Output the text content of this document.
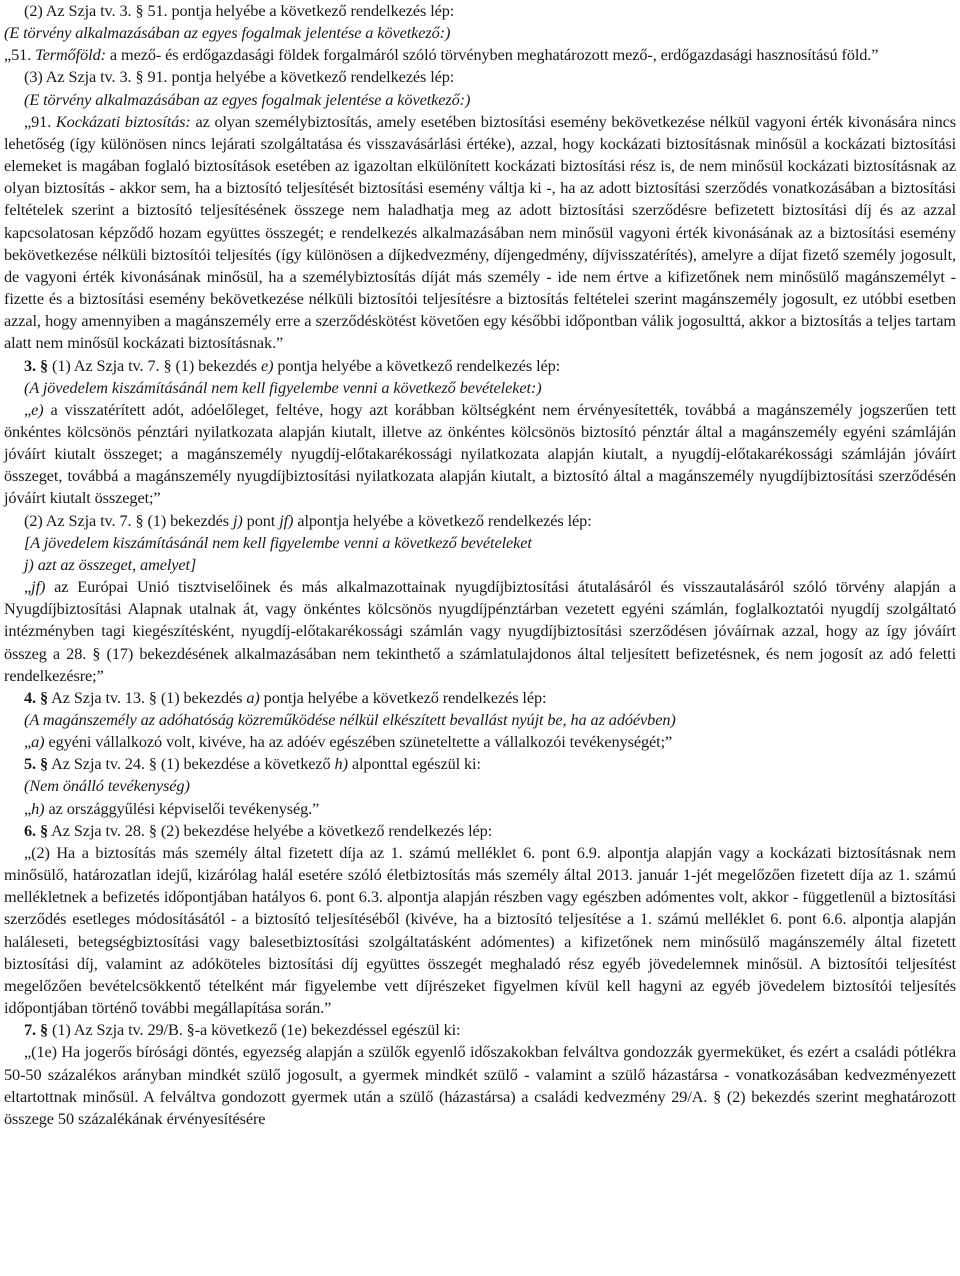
(2) Az Szja tv. 3. § 51. pontja helyébe a következő rendelkezés lép:

(E törvény alkalmazásában az egyes fogalmak jelentése a következő:)

„51. Termőföld: a mező- és erdőgazdasági földek forgalmáról szóló törvényben meghatározott mező-, erdőgazdasági hasznosítású föld.”

(3) Az Szja tv. 3. § 91. pontja helyébe a következő rendelkezés lép:

(E törvény alkalmazásában az egyes fogalmak jelentése a következő:)

„91. Kockázati biztosítás: az olyan személybiztosítás, amely esetében biztosítási esemény bekövetkezése nélkül vagyoni érték kivonására nincs lehetőség (így különösen nincs lejárati szolgáltatása és visszavásárlási értéke), azzal, hogy kockázati biztosításnak minősül a kockázati biztosítási elemeket is magában foglaló biztosítások esetében az igazoltan elkülönített kockázati biztosítási rész is, de nem minősül kockázati biztosításnak az olyan biztosítás - akkor sem, ha a biztosító teljesítését biztosítási esemény váltja ki -, ha az adott biztosítási szerződés vonatkozásában a biztosítási feltételek szerint a biztosító teljesítésének összege nem haladhatja meg az adott biztosítási szerződésre befizetett biztosítási díj és az azzal kapcsolatosan képződő hozam együttes összegét; e rendelkezés alkalmazásában nem minősül vagyoni érték kivonásának az a biztosítási esemény bekövetkezése nélküli biztosítói teljesítés (így különösen a díjkedvezmény, díjengedmény, díjvisszatérítés), amelyre a díjat fizető személy jogosult, de vagyoni érték kivonásának minősül, ha a személybiztosítás díját más személy - ide nem értve a kifizetőnek nem minősülő magánszemélyt - fizette és a biztosítási esemény bekövetkezése nélküli biztosítói teljesítésre a biztosítás feltételei szerint magánszemély jogosult, ez utóbbi esetben azzal, hogy amennyiben a magánszemély erre a szerződéskötést követően egy későbbi időpontban válik jogosulttá, akkor a biztosítás a teljes tartam alatt nem minősül kockázati biztosításnak.”

3. § (1) Az Szja tv. 7. § (1) bekezdés e) pontja helyébe a következő rendelkezés lép:

(A jövedelem kiszámításánál nem kell figyelembe venni a következő bevételeket:)

„e) a visszatérített adót, adóelőleget, feltéve, hogy azt korábban költségként nem érvényesítették, továbbá a magánszemély jogszerűen tett önkéntes kölcsönös pénztári nyilatkozata alapján kiutalt, illetve az önkéntes kölcsönös biztosító pénztár által a magánszemély egyéni számláján jóváírt kiutalt összeget; a magánszemély nyugdíj-előtakarékossági nyilatkozata alapján kiutalt, a nyugdíj-előtakarékossági számláján jóváírt összeget, továbbá a magánszemély nyugdíjbiztosítási nyilatkozata alapján kiutalt, a biztosító által a magánszemély nyugdíjbiztosítási szerződésén jóváírt kiutalt összeget;”

(2) Az Szja tv. 7. § (1) bekezdés j) pont jf) alpontja helyébe a következő rendelkezés lép:

[A jövedelem kiszámításánál nem kell figyelembe venni a következő bevételeket

j) azt az összeget, amelyet]

„jf) az Európai Unió tisztviselőinek és más alkalmazottainak nyugdíjbiztosítási átutalásáról és visszautalásáról szóló törvény alapján a Nyugdíjbiztosítási Alapnak utalnak át, vagy önkéntes kölcsönös nyugdíjpénztárban vezetett egyéni számlán, foglalkoztatói nyugdíj szolgáltató intézményben tagi kiegészítésként, nyugdíj-előtakarékossági számlán vagy nyugdíjbiztosítási szerződésen jóváírnak azzal, hogy az így jóváírt összeg a 28. § (17) bekezdésének alkalmazásában nem tekinthető a számlatulajdonos által teljesített befizetésnek, és nem jogosít az adó feletti rendelkezésre;”

4. § Az Szja tv. 13. § (1) bekezdés a) pontja helyébe a következő rendelkezés lép:

(A magánszemély az adóhatóság közreműködése nélkül elkészített bevallást nyújt be, ha az adóévben)

„a) egyéni vállalkozó volt, kivéve, ha az adóév egészében szüneteltette a vállalkozói tevékenységét;”

5. § Az Szja tv. 24. § (1) bekezdése a következő h) alponttal egészül ki:

(Nem önálló tevékenység)

„h) az országgyűlési képviselői tevékenység.”

6. § Az Szja tv. 28. § (2) bekezdése helyébe a következő rendelkezés lép:

„(2) Ha a biztosítás más személy által fizetett díja az 1. számú melléklet 6. pont 6.9. alpontja alapján vagy a kockázati biztosításnak nem minősülő, határozatlan idejű, kizárólag halál esetére szóló életbiztosítás más személy által 2013. január 1-jét megelőzően fizetett díja az 1. számú mellékletnek a befizetés időpontjában hatályos 6. pont 6.3. alpontja alapján részben vagy egészben adómentes volt, akkor - függetlenül a biztosítási szerződés esetleges módosításától - a biztosító teljesítéséből (kivéve, ha a biztosító teljesítése a 1. számú melléklet 6. pont 6.6. alpontja alapján haláleseti, betegségbiztosítási vagy balesetbiztosítási szolgáltatásként adómentes) a kifizetőnek nem minősülő magánszemély által fizetett biztosítási díj, valamint az adóköteles biztosítási díj együttes összegét meghaladó rész egyéb jövedelemnek minősül. A biztosítói teljesítést megelőzően bevételcsökkentő tételként már figyelembe vett díjrészeket figyelmen kívül kell hagyni az egyéb jövedelem biztosítói teljesítés időpontjában történő további megállapítása során.”

7. § (1) Az Szja tv. 29/B. §-a következő (1e) bekezdéssel egészül ki:

„(1e) Ha jogerős bírósági döntés, egyezség alapján a szülők egyenlő időszakokban felváltva gondozzák gyermeküket, és ezért a családi pótlékra 50-50 százalékos arányban mindkét szülő jogosult, a gyermek mindkét szülő - valamint a szülő házastársa - vonatkozásában kedvezményezett eltartottnak minősül. A felváltva gondozott gyermek után a szülő (házastársa) a családi kedvezmény 29/A. § (2) bekezdés szerint meghatározott összege 50 százalékának érvényesítésére
